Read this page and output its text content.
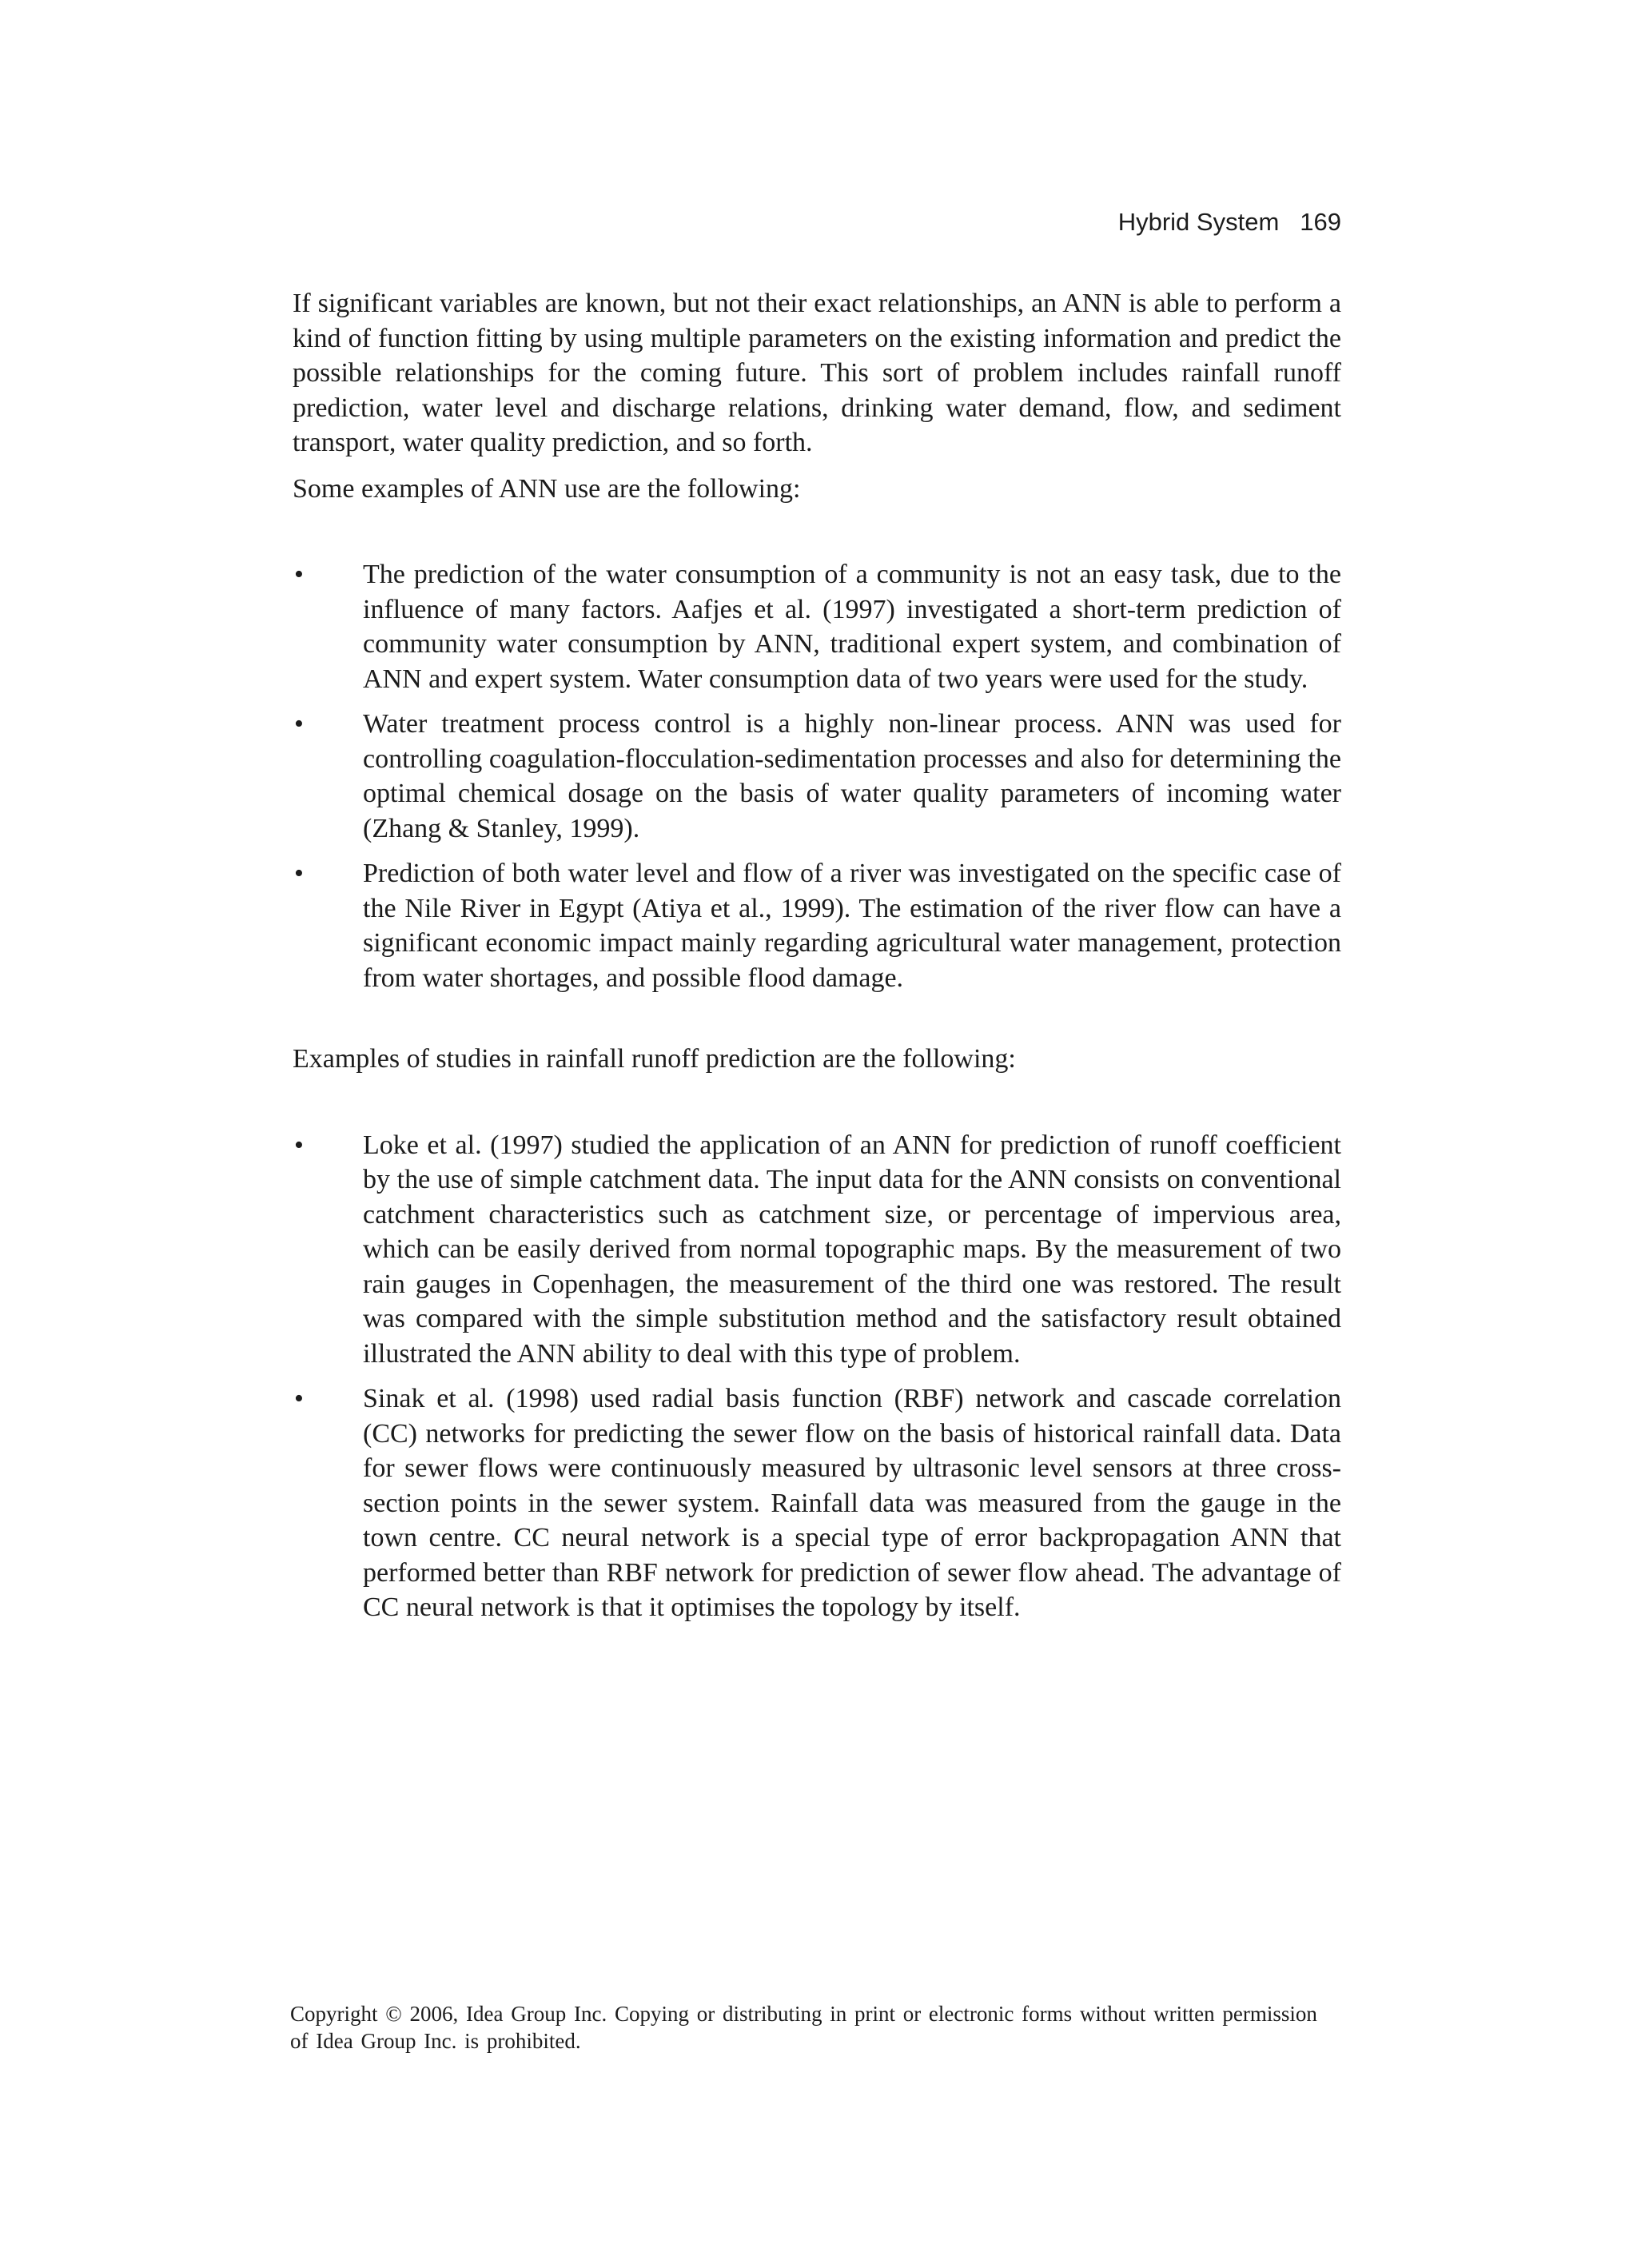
Hybrid System 169

If significant variables are known, but not their exact relationships, an ANN is able to perform a kind of function fitting by using multiple parameters on the existing information and predict the possible relationships for the coming future. This sort of problem includes rainfall runoff prediction, water level and discharge relations, drinking water demand, flow, and sediment transport, water quality prediction, and so forth.

Some examples of ANN use are the following:

• The prediction of the water consumption of a community is not an easy task, due to the influence of many factors. Aafjes et al. (1997) investigated a short-term prediction of community water consumption by ANN, traditional expert system, and combination of ANN and expert system. Water consumption data of two years were used for the study.
• Water treatment process control is a highly non-linear process. ANN was used for controlling coagulation-flocculation-sedimentation processes and also for determining the optimal chemical dosage on the basis of water quality parameters of incoming water (Zhang & Stanley, 1999).
• Prediction of both water level and flow of a river was investigated on the specific case of the Nile River in Egypt (Atiya et al., 1999). The estimation of the river flow can have a significant economic impact mainly regarding agricultural water management, protection from water shortages, and possible flood damage.

Examples of studies in rainfall runoff prediction are the following:

• Loke et al. (1997) studied the application of an ANN for prediction of runoff coefficient by the use of simple catchment data. The input data for the ANN consists on conventional catchment characteristics such as catchment size, or percentage of impervious area, which can be easily derived from normal topographic maps. By the measurement of two rain gauges in Copenhagen, the measurement of the third one was restored. The result was compared with the simple substitution method and the satisfactory result obtained illustrated the ANN ability to deal with this type of problem.
• Sinak et al. (1998) used radial basis function (RBF) network and cascade correlation (CC) networks for predicting the sewer flow on the basis of historical rainfall data. Data for sewer flows were continuously measured by ultrasonic level sensors at three cross-section points in the sewer system. Rainfall data was measured from the gauge in the town centre. CC neural network is a special type of error backpropagation ANN that performed better than RBF network for prediction of sewer flow ahead. The advantage of CC neural network is that it optimises the topology by itself.
Copyright © 2006, Idea Group Inc. Copying or distributing in print or electronic forms without written permission of Idea Group Inc. is prohibited.
